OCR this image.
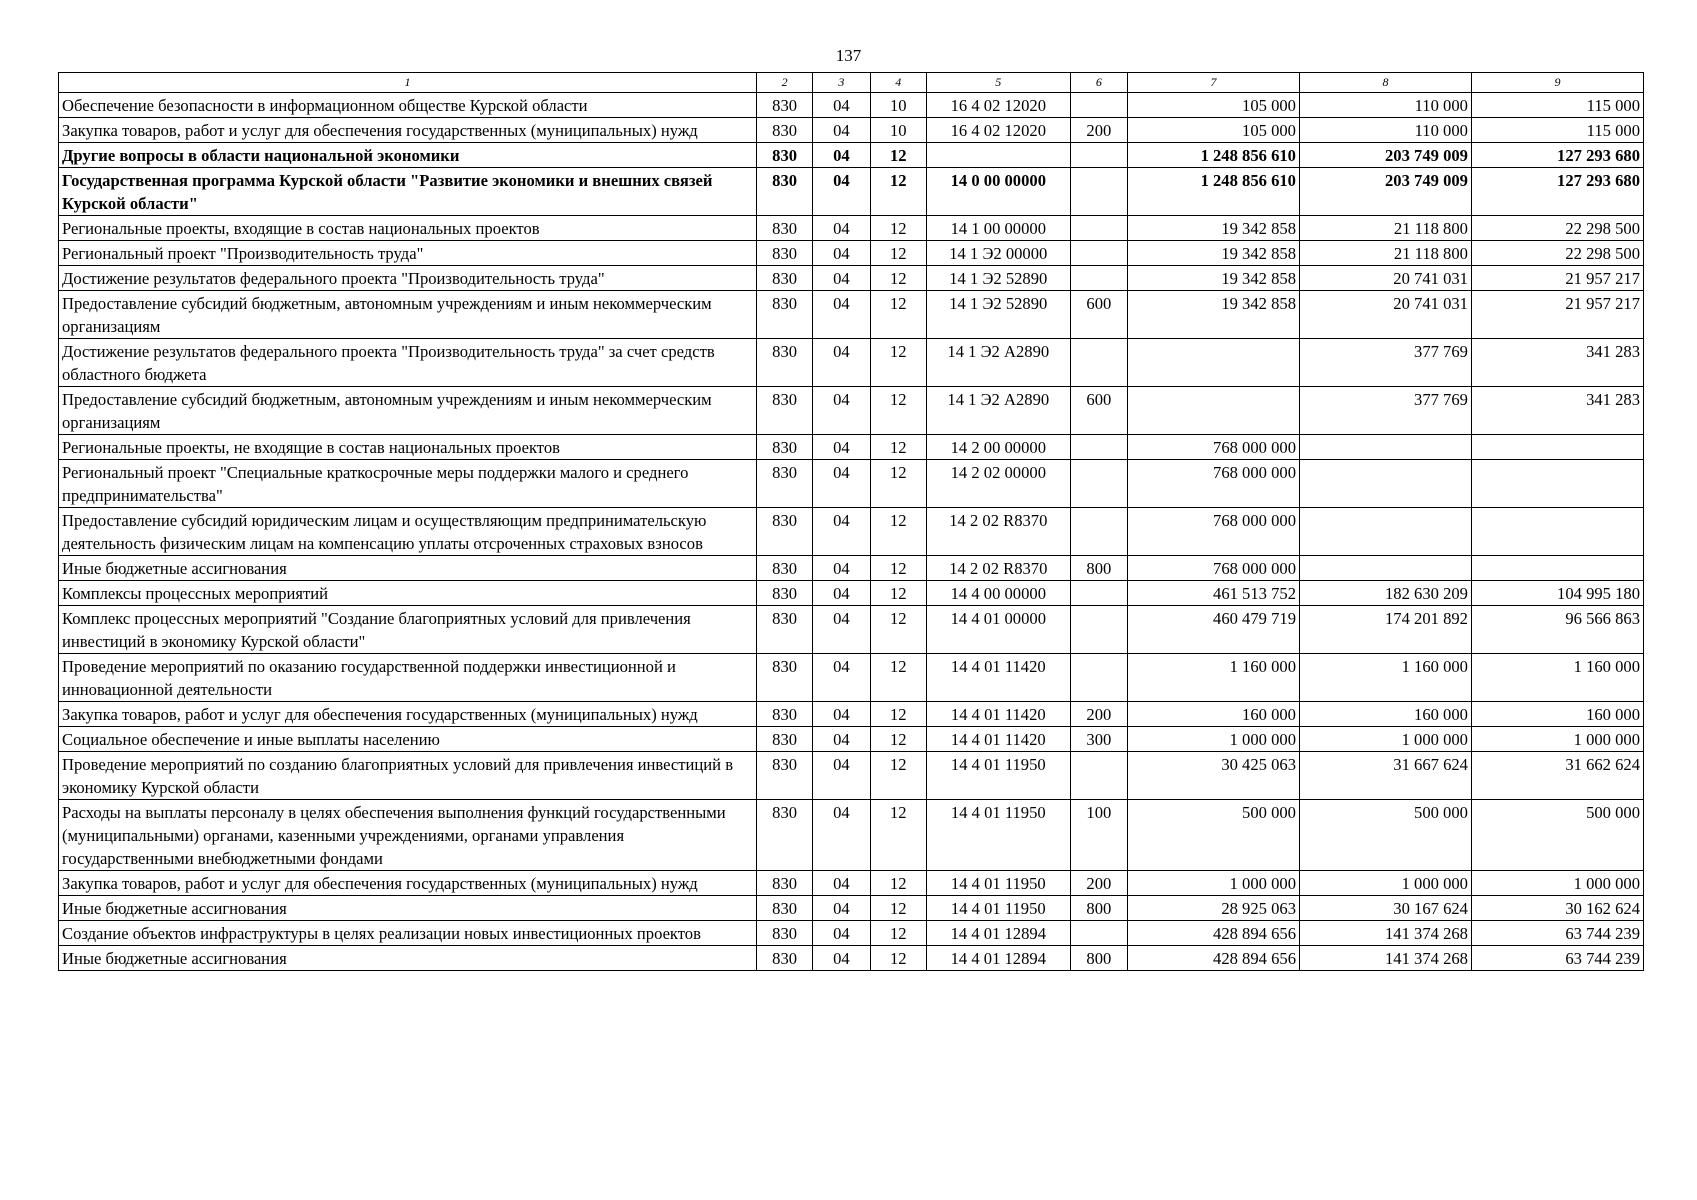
137
1	2	3	4	5	6	7	8	9
Обеспечение безопасности в информационном обществе Курской области	830	04	10	16 4 02 12020		105 000	110 000	115 000
Закупка товаров, работ и услуг для обеспечения государственных (муниципальных) нужд	830	04	10	16 4 02 12020	200	105 000	110 000	115 000
Другие вопросы в области национальной экономики	830	04	12			1 248 856 610	203 749 009	127 293 680
Государственная программа Курской области "Развитие экономики и внешних связей Курской области"	830	04	12	14 0 00 00000		1 248 856 610	203 749 009	127 293 680
Региональные проекты, входящие в состав национальных проектов	830	04	12	14 1 00 00000		19 342 858	21 118 800	22 298 500
Региональный проект "Производительность труда"	830	04	12	14 1 Э2 00000		19 342 858	21 118 800	22 298 500
Достижение результатов федерального проекта "Производительность труда"	830	04	12	14 1 Э2 52890		19 342 858	20 741 031	21 957 217
Предоставление субсидий бюджетным, автономным учреждениям и иным некоммерческим организациям	830	04	12	14 1 Э2 52890	600	19 342 858	20 741 031	21 957 217
Достижение результатов федерального проекта "Производительность труда" за счет средств областного бюджета	830	04	12	14 1 Э2 А2890			377 769	341 283
Предоставление субсидий бюджетным, автономным учреждениям и иным некоммерческим организациям	830	04	12	14 1 Э2 А2890	600		377 769	341 283
Региональные проекты, не входящие в состав национальных проектов	830	04	12	14 2 00 00000		768 000 000		
Региональный проект "Специальные краткосрочные меры поддержки малого и среднего предпринимательства"	830	04	12	14 2 02 00000		768 000 000		
Предоставление субсидий юридическим лицам и осуществляющим предпринимательскую деятельность физическим лицам на компенсацию уплаты отсроченных страховых взносов	830	04	12	14 2 02 R8370		768 000 000		
Иные бюджетные ассигнования	830	04	12	14 2 02 R8370	800	768 000 000		
Комплексы процессных мероприятий	830	04	12	14 4 00 00000		461 513 752	182 630 209	104 995 180
Комплекс процессных мероприятий "Создание благоприятных условий для привлечения инвестиций в экономику Курской области"	830	04	12	14 4 01 00000		460 479 719	174 201 892	96 566 863
Проведение мероприятий по оказанию государственной поддержки инвестиционной и инновационной деятельности	830	04	12	14 4 01 11420		1 160 000	1 160 000	1 160 000
Закупка товаров, работ и услуг для обеспечения государственных (муниципальных) нужд	830	04	12	14 4 01 11420	200	160 000	160 000	160 000
Социальное обеспечение и иные выплаты населению	830	04	12	14 4 01 11420	300	1 000 000	1 000 000	1 000 000
Проведение мероприятий по созданию благоприятных условий для привлечения инвестиций в экономику Курской области	830	04	12	14 4 01 11950		30 425 063	31 667 624	31 662 624
Расходы на выплаты персоналу в целях обеспечения выполнения функций государственными (муниципальными) органами, казенными учреждениями, органами управления государственными внебюджетными фондами	830	04	12	14 4 01 11950	100	500 000	500 000	500 000
Закупка товаров, работ и услуг для обеспечения государственных (муниципальных) нужд	830	04	12	14 4 01 11950	200	1 000 000	1 000 000	1 000 000
Иные бюджетные ассигнования	830	04	12	14 4 01 11950	800	28 925 063	30 167 624	30 162 624
Создание объектов инфраструктуры в целях реализации новых инвестиционных проектов	830	04	12	14 4 01 12894		428 894 656	141 374 268	63 744 239
Иные бюджетные ассигнования	830	04	12	14 4 01 12894	800	428 894 656	141 374 268	63 744 239
